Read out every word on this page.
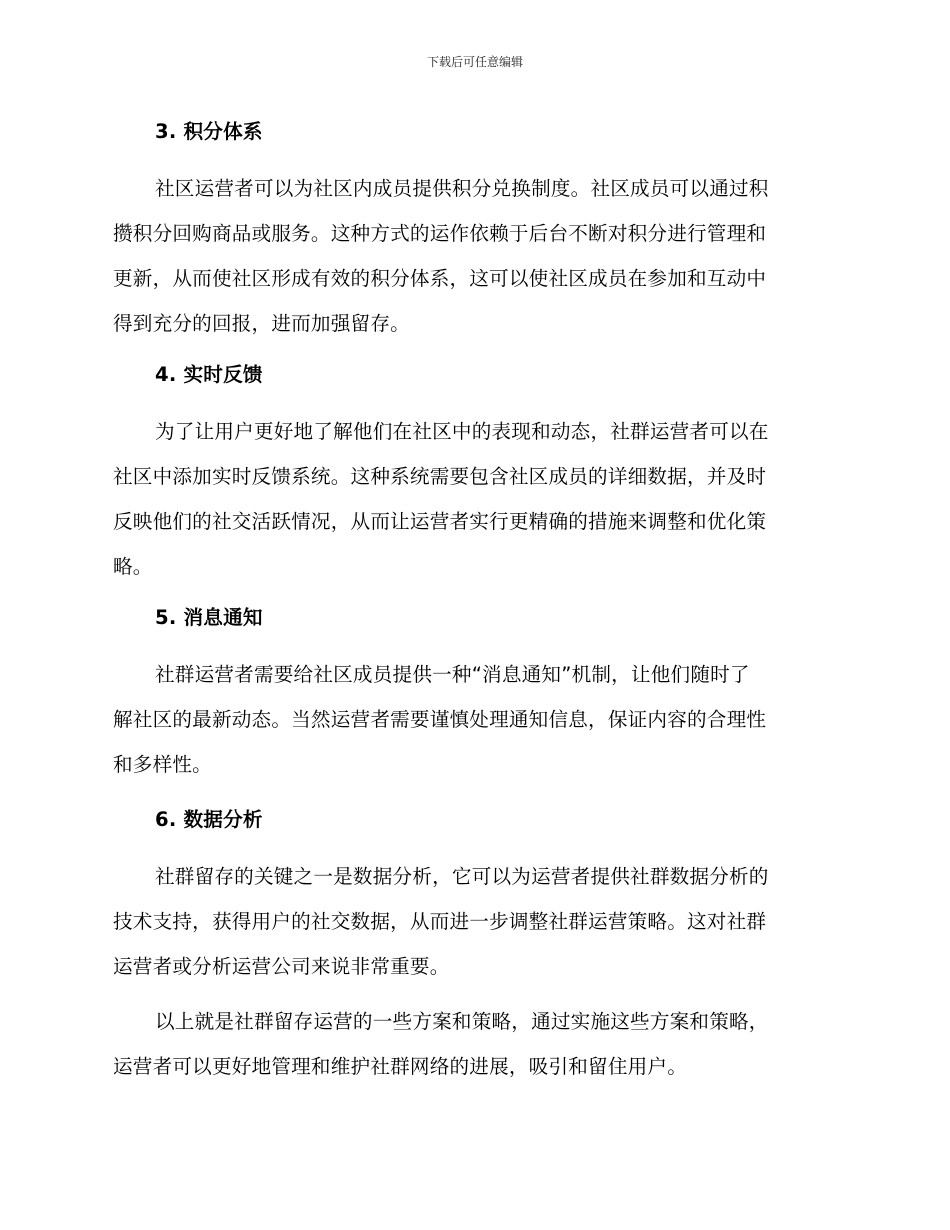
下载后可任意编辑
3. 积分体系
社区运营者可以为社区内成员提供积分兑换制度。社区成员可以通过积
攒积分回购商品或服务。这种方式的运作依赖于后台不断对积分进行管理和
更新，从而使社区形成有效的积分体系，这可以使社区成员在参加和互动中
得到充分的回报，进而加强留存。
4. 实时反馈
为了让用户更好地了解他们在社区中的表现和动态，社群运营者可以在
社区中添加实时反馈系统。这种系统需要包含社区成员的详细数据，并及时
反映他们的社交活跃情况，从而让运营者实行更精确的措施来调整和优化策
略。
5. 消息通知
社群运营者需要给社区成员提供一种“消息通知”机制，让他们随时了
解社区的最新动态。当然运营者需要谨慎处理通知信息，保证内容的合理性
和多样性。
6. 数据分析
社群留存的关键之一是数据分析，它可以为运营者提供社群数据分析的
技术支持，获得用户的社交数据，从而进一步调整社群运营策略。这对社群
运营者或分析运营公司来说非常重要。
以上就是社群留存运营的一些方案和策略，通过实施这些方案和策略，
运营者可以更好地管理和维护社群网络的进展，吸引和留住用户。
